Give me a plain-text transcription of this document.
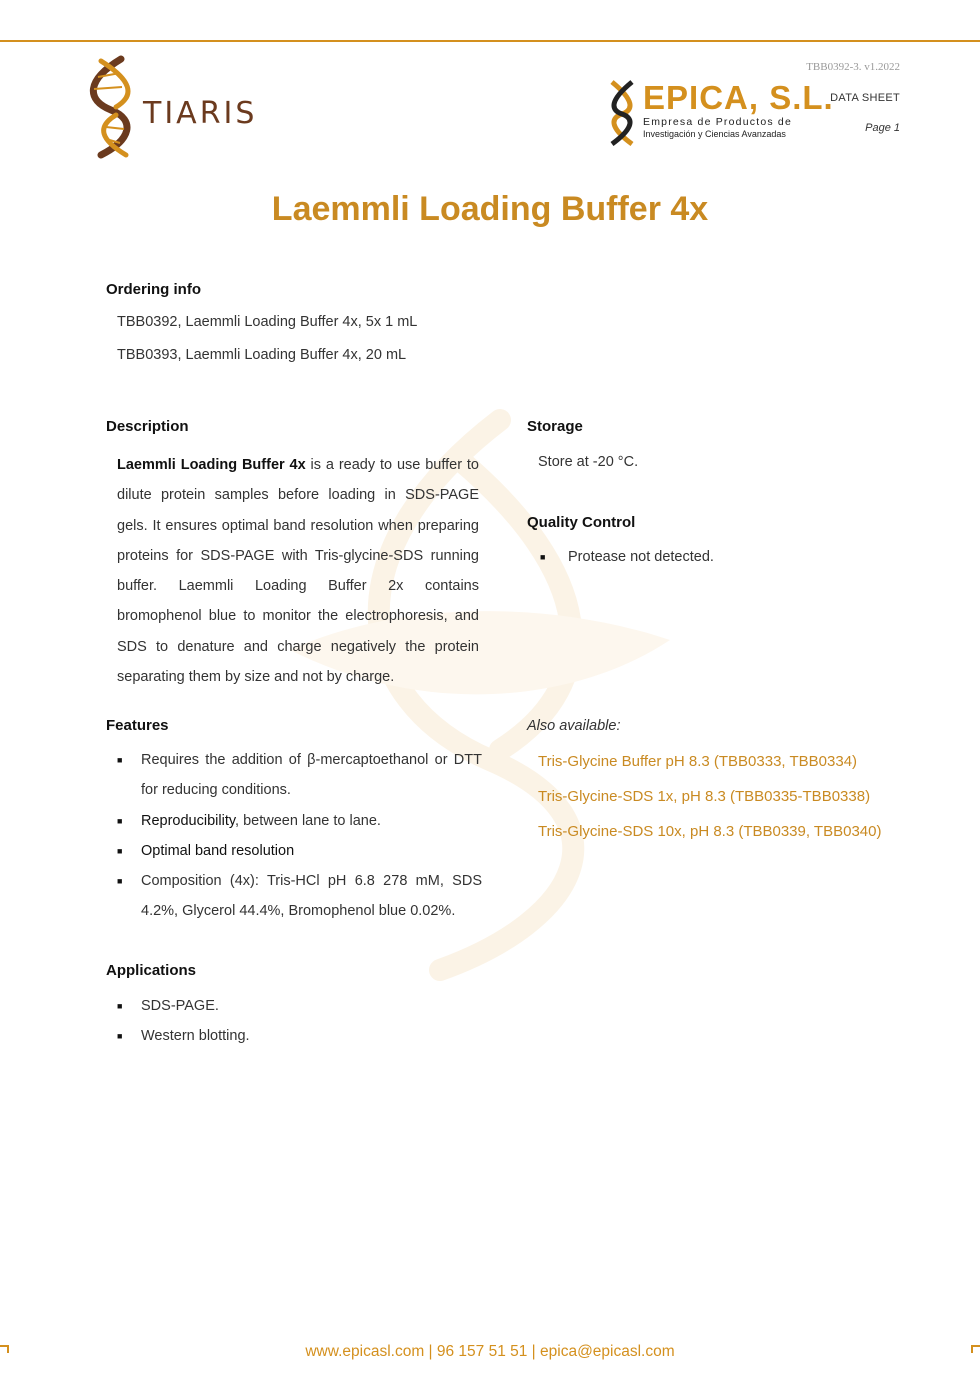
TIARIS	EPICA, S.L.
Empresa de Productos de
Investigación y Ciencias Avanzadas
TBB0392-3. v1.2022
DATA SHEET
Page 1
Laemmli Loading Buffer 4x
Ordering info
TBB0392, Laemmli Loading Buffer 4x, 5x 1 mL
TBB0393, Laemmli Loading Buffer 4x, 20 mL
Description
Laemmli Loading Buffer 4x is a ready to use buffer to dilute protein samples before loading in SDS-PAGE gels. It ensures optimal band resolution when preparing proteins for SDS-PAGE with Tris-glycine-SDS running buffer. Laemmli Loading Buffer 2x contains bromophenol blue to monitor the electrophoresis, and SDS to denature and charge negatively the protein separating them by size and not by charge.
Storage
Store at -20 °C.
Quality Control
■ Protease not detected.
Features
■ Requires the addition of β-mercaptoethanol or DTT for reducing conditions.
■ Reproducibility, between lane to lane.
■ Optimal band resolution
■ Composition (4x): Tris-HCl pH 6.8 278 mM, SDS 4.2%, Glycerol 44.4%, Bromophenol blue 0.02%.
Also available:
Tris-Glycine Buffer pH 8.3 (TBB0333, TBB0334)
Tris-Glycine-SDS 1x, pH 8.3 (TBB0335-TBB0338)
Tris-Glycine-SDS 10x, pH 8.3 (TBB0339, TBB0340)
Applications
■ SDS-PAGE.
■ Western blotting.
www.epicasl.com | 96 157 51 51 | epica@epicasl.com
